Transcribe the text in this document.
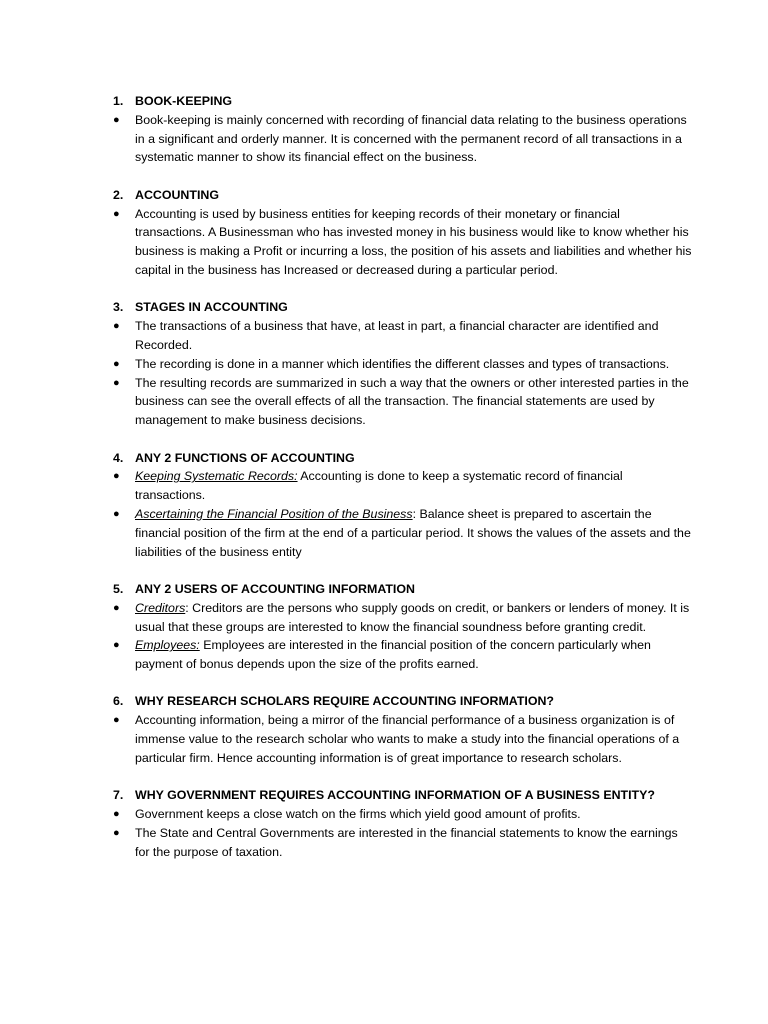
1. BOOK-KEEPING
● Book-keeping is mainly concerned with recording of financial data relating to the business operations in a significant and orderly manner. It is concerned with the permanent record of all transactions in a systematic manner to show its financial effect on the business.
2. ACCOUNTING
● Accounting is used by business entities for keeping records of their monetary or financial transactions. A Businessman who has invested money in his business would like to know whether his business is making a Profit or incurring a loss, the position of his assets and liabilities and whether his capital in the business has Increased or decreased during a particular period.
3. STAGES IN ACCOUNTING
● The transactions of a business that have, at least in part, a financial character are identified and Recorded.
● The recording is done in a manner which identifies the different classes and types of transactions.
● The resulting records are summarized in such a way that the owners or other interested parties in the business can see the overall effects of all the transaction. The financial statements are used by management to make business decisions.
4. ANY 2 FUNCTIONS OF ACCOUNTING
● Keeping Systematic Records: Accounting is done to keep a systematic record of financial transactions.
● Ascertaining the Financial Position of the Business: Balance sheet is prepared to ascertain the financial position of the firm at the end of a particular period. It shows the values of the assets and the liabilities of the business entity
5. ANY 2 USERS OF ACCOUNTING INFORMATION
● Creditors: Creditors are the persons who supply goods on credit, or bankers or lenders of money. It is usual that these groups are interested to know the financial soundness before granting credit.
● Employees: Employees are interested in the financial position of the concern particularly when payment of bonus depends upon the size of the profits earned.
6. WHY RESEARCH SCHOLARS REQUIRE ACCOUNTING INFORMATION?
● Accounting information, being a mirror of the financial performance of a business organization is of immense value to the research scholar who wants to make a study into the financial operations of a particular firm. Hence accounting information is of great importance to research scholars.
7. WHY GOVERNMENT REQUIRES ACCOUNTING INFORMATION OF A BUSINESS ENTITY?
● Government keeps a close watch on the firms which yield good amount of profits.
● The State and Central Governments are interested in the financial statements to know the earnings for the purpose of taxation.
